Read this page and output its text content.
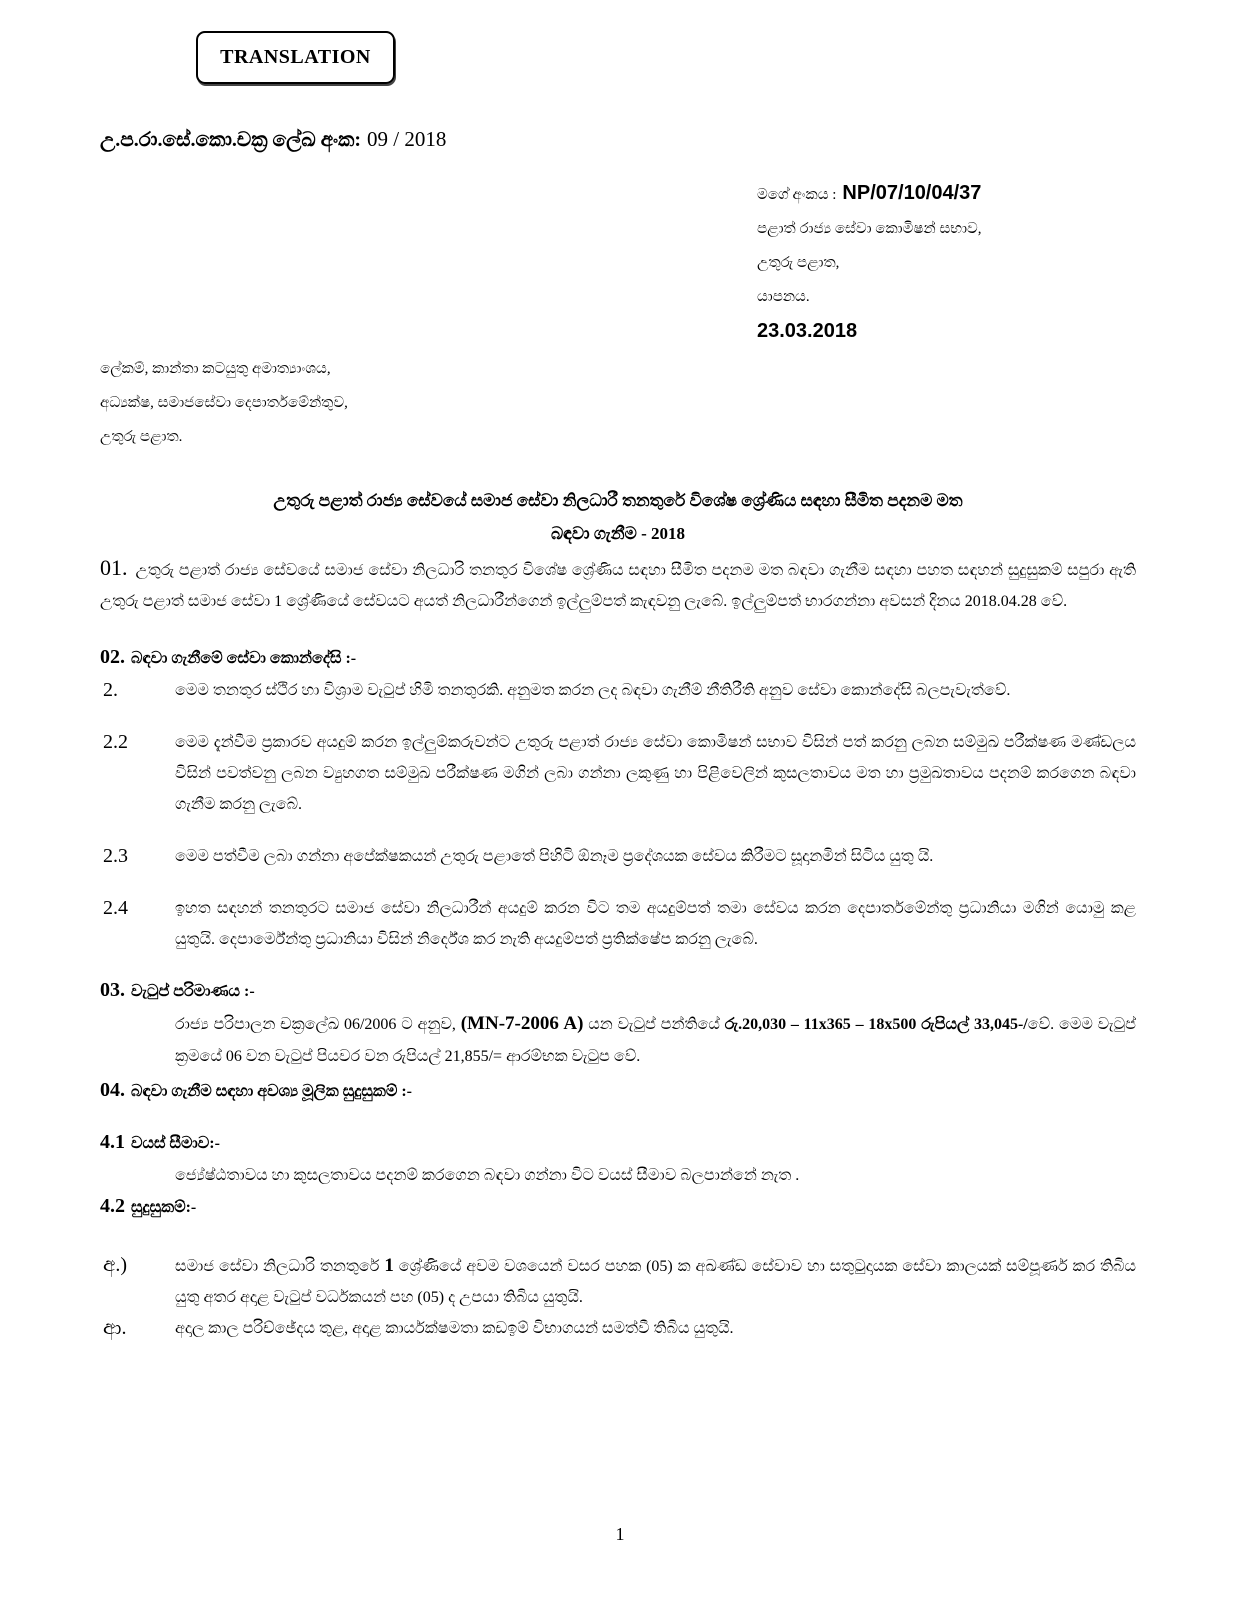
TRANSLATION
උ.ප.රා.සේ.කො.චක්‍ර ලේඛ අංක: 09 / 2018
මගේ අංකය : NP/07/10/04/37
පළාත් රාජ්‍ය සේවා කොමිෂන් සභාව,
උතුරු පළාත,
යාපනය.
23.03.2018
ලේකම්, කාන්තා කටයුතු අමාත්‍යාංශය,
අධ්‍යක්ෂ, සමාජසේවා දෙපාර්තමේන්තුව,
උතුරු පළාත.
උතුරු පළාත් රාජ්‍ය සේවයේ සමාජ සේවා නිලධාරී තනතුරේ විශේෂ ශ්‍රේණිය සඳහා සීමිත පදනම මත
බඳවා ගැනීම - 2018
01. උතුරු පළාත් රාජ්‍ය සේවයේ සමාජ සේවා නිලධාරි තනතුර විශේෂ ශ්‍රේණිය සඳහා සීමිත පදනම මත බඳවා ගැනීම සඳහා පහත සඳහන් සුදුසුකම් සපුරා ඇති උතුරු පළාත් සමාජ සේවා 1 ශ්‍රේණියේ සේවයට අයත් නිලධාරීන්ගෙන් ඉල්ලුම්පත් කැඳවනු ලැබේ. ඉල්ලුම්පත් භාරගන්නා අවසන් දිනය 2018.04.28 වේ.
02. බඳවා ගැනීමේ සේවා කොන්දේසි :-
2.	මෙම තනතුර ස්ථිර හා විශ්‍රාම වැටුප් හිමි තනතුරකි. අනුමත කරන ලද බඳවා ගැනීම් නීතිරීති අනුව සේවා කොන්දේසි බලපැවැත්වේ.
2.2	මෙම දැන්වීම ප්‍රකාරව අයදුම් කරන ඉල්ලුම්කරුවන්ට උතුරු පළාත් රාජ්‍ය සේවා කොමිෂන් සභාව විසින් පත් කරනු ලබන සම්මුඛ පරීක්ෂණ මණ්ඩලය විසින් පවත්වනු ලබන ව්‍යුහගත සම්මුඛ පරීක්ෂණ මගින් ලබා ගන්නා ලකුණු හා පිළිවෙලින් කුසලතාවය මත හා ප්‍රමුඛතාවය පදනම් කරගෙන බඳවා ගැනීම කරනු ලැබේ.
2.3	මෙම පත්වීම ලබා ගන්නා අපේක්ෂකයන් උතුරු පළාතේ පිහිටි ඕනෑම ප්‍රදේශයක සේවය කිරීමට සූදානමින් සිටිය යුතු යි.
2.4	ඉහත සඳහන් තනතුරට සමාජ සේවා නිලධාරීන් අයදුම් කරන විට තම අයදුම්පත් තමා සේවය කරන දෙපාර්තමේන්තු ප්‍රධානියා මගින් යොමු කළ යුතුයි. දෙපාර්මේන්තු ප්‍රධානියා විසින් නිර්දේශ කර නැති අයදුම්පත් ප්‍රතික්ෂේප කරනු ලැබේ.
03. වැටුප් පරිමාණය :-
රාජ්‍ය පරිපාලන චක්‍රලේඛ 06/2006 ට අනුව, (MN-7-2006 A) යන වැටුප් පන්තියේ රු.20,030 – 11x365 – 18x500 රුපියල් 33,045-/වේ. මෙම වැටුප් ක්‍රමයේ 06 වන වැටුප් පියවර වන රුපියල් 21,855/= ආරම්භක වැටුප වේ.
04. බඳවා ගැනීම සඳහා අවශ්‍ය මූලික සුදුසුකම් :-
4.1 වයස් සීමාව:-
ජ්‍යේෂ්ඨතාවය හා කුසලතාවය පදනම් කරගෙන බඳවා ගන්නා විට වයස් සීමාව බලපාන්නේ නැත .
4.2 සුදුසුකම්:-
අ.)	සමාජ සේවා නිලධාරි තනතුරේ 1 ශ්‍රේණියේ අවම වශයෙන් වසර පහක (05) ක අඛණ්ඩ සේවාව හා සතුටුදායක සේවා කාලයක් සම්පූර්ණ කර තිබිය යුතු අතර අදාළ වැටුප් වර්ධකයන් පහ (05) ද උපයා තිබිය යුතුයි.
ආ.	අදාල කාල පරිච්ඡේදය තුළ, අදාළ කාර්යක්ෂමතා කඩඉම් විභාගයන් සමත්වී තිබිය යුතුයි.
1
